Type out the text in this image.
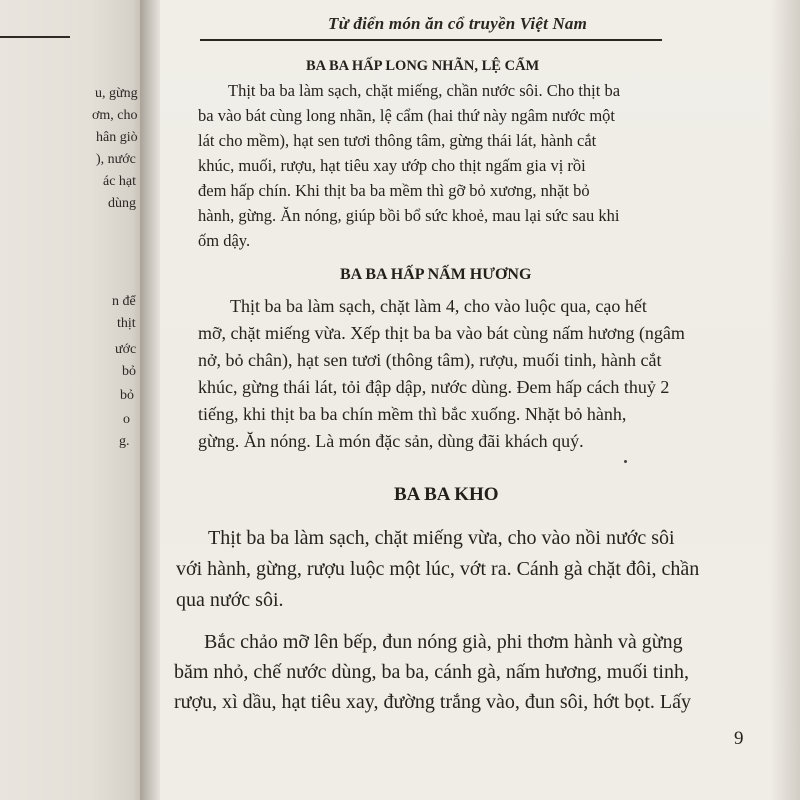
u, gừng
ơm, cho
hân giò
), nước
ác hạt
dùng
n để
thịt
ước
bỏ
bỏ
o
g.
Từ điển món ăn cổ truyền Việt Nam
BA BA HẤP LONG NHÃN, LỆ CẨM
Thịt ba ba làm sạch, chặt miếng, chần nước sôi. Cho thịt ba
ba vào bát cùng long nhãn, lệ cẩm (hai thứ này ngâm nước một
lát cho mềm), hạt sen tươi thông tâm, gừng thái lát, hành cắt
khúc, muối, rượu, hạt tiêu xay ướp cho thịt ngấm gia vị rồi
đem hấp chín. Khi thịt ba ba mềm thì gỡ bỏ xương, nhặt bỏ
hành, gừng. Ăn nóng, giúp bồi bổ sức khoẻ, mau lại sức sau khi
ốm dậy.
BA BA HẤP NẤM HƯƠNG
Thịt ba ba làm sạch, chặt làm 4, cho vào luộc qua, cạo hết
mỡ, chặt miếng vừa. Xếp thịt ba ba vào bát cùng nấm hương (ngâm
nở, bỏ chân), hạt sen tươi (thông tâm), rượu, muối tinh, hành cắt
khúc, gừng thái lát, tỏi đập dập, nước dùng. Đem hấp cách thuỷ 2
tiếng, khi thịt ba ba chín mềm thì bắc xuống. Nhặt bỏ hành,
gừng. Ăn nóng. Là món đặc sản, dùng đãi khách quý.
BA BA KHO
Thịt ba ba làm sạch, chặt miếng vừa, cho vào nồi nước sôi
với hành, gừng, rượu luộc một lúc, vớt ra. Cánh gà chặt đôi, chần
qua nước sôi.
Bắc chảo mỡ lên bếp, đun nóng già, phi thơm hành và gừng
băm nhỏ, chế nước dùng, ba ba, cánh gà, nấm hương, muối tinh,
rượu, xì dầu, hạt tiêu xay, đường trắng vào, đun sôi, hớt bọt. Lấy
9
